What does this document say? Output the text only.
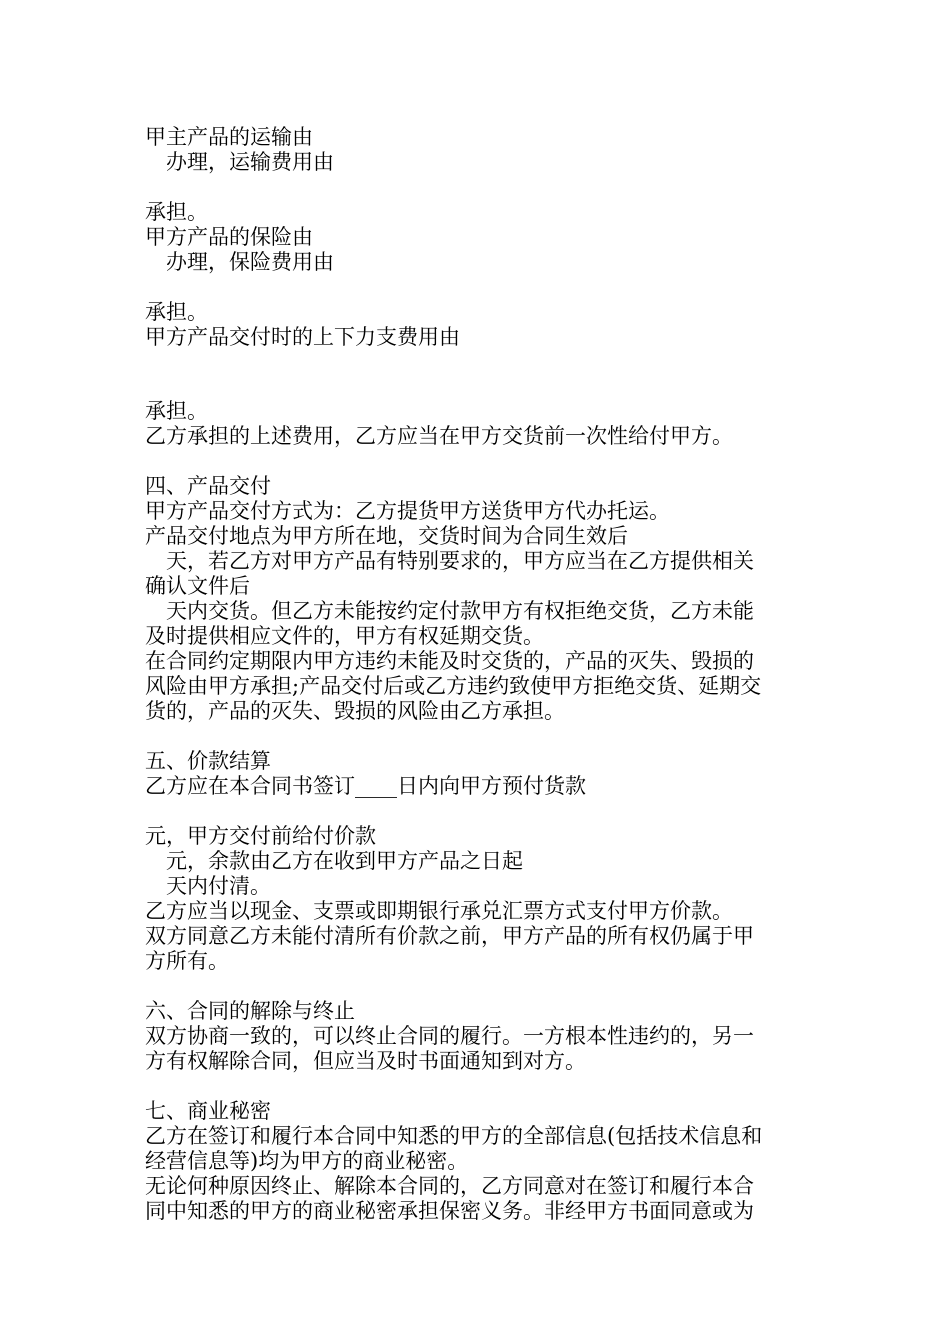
甲主产品的运输由
办理，运输费用由
承担。
甲方产品的保险由
办理，保险费用由
承担。
甲方产品交付时的上下力支费用由
承担。
乙方承担的上述费用，乙方应当在甲方交货前一次性给付甲方。
四、产品交付
甲方产品交付方式为：乙方提货甲方送货甲方代办托运。
产品交付地点为甲方所在地，交货时间为合同生效后
天，若乙方对甲方产品有特别要求的，甲方应当在乙方提供相关
确认文件后
天内交货。但乙方未能按约定付款甲方有权拒绝交货，乙方未能
及时提供相应文件的，甲方有权延期交货。
在合同约定期限内甲方违约未能及时交货的，产品的灭失、毁损的
风险由甲方承担;产品交付后或乙方违约致使甲方拒绝交货、延期交
货的，产品的灭失、毁损的风险由乙方承担。
五、价款结算
乙方应在本合同书签订____日内向甲方预付货款
元，甲方交付前给付价款
元，余款由乙方在收到甲方产品之日起
天内付清。
乙方应当以现金、支票或即期银行承兑汇票方式支付甲方价款。
双方同意乙方未能付清所有价款之前，甲方产品的所有权仍属于甲
方所有。
六、合同的解除与终止
双方协商一致的，可以终止合同的履行。一方根本性违约的，另一
方有权解除合同，但应当及时书面通知到对方。
七、商业秘密
乙方在签订和履行本合同中知悉的甲方的全部信息(包括技术信息和
经营信息等)均为甲方的商业秘密。
无论何种原因终止、解除本合同的，乙方同意对在签订和履行本合
同中知悉的甲方的商业秘密承担保密义务。非经甲方书面同意或为
